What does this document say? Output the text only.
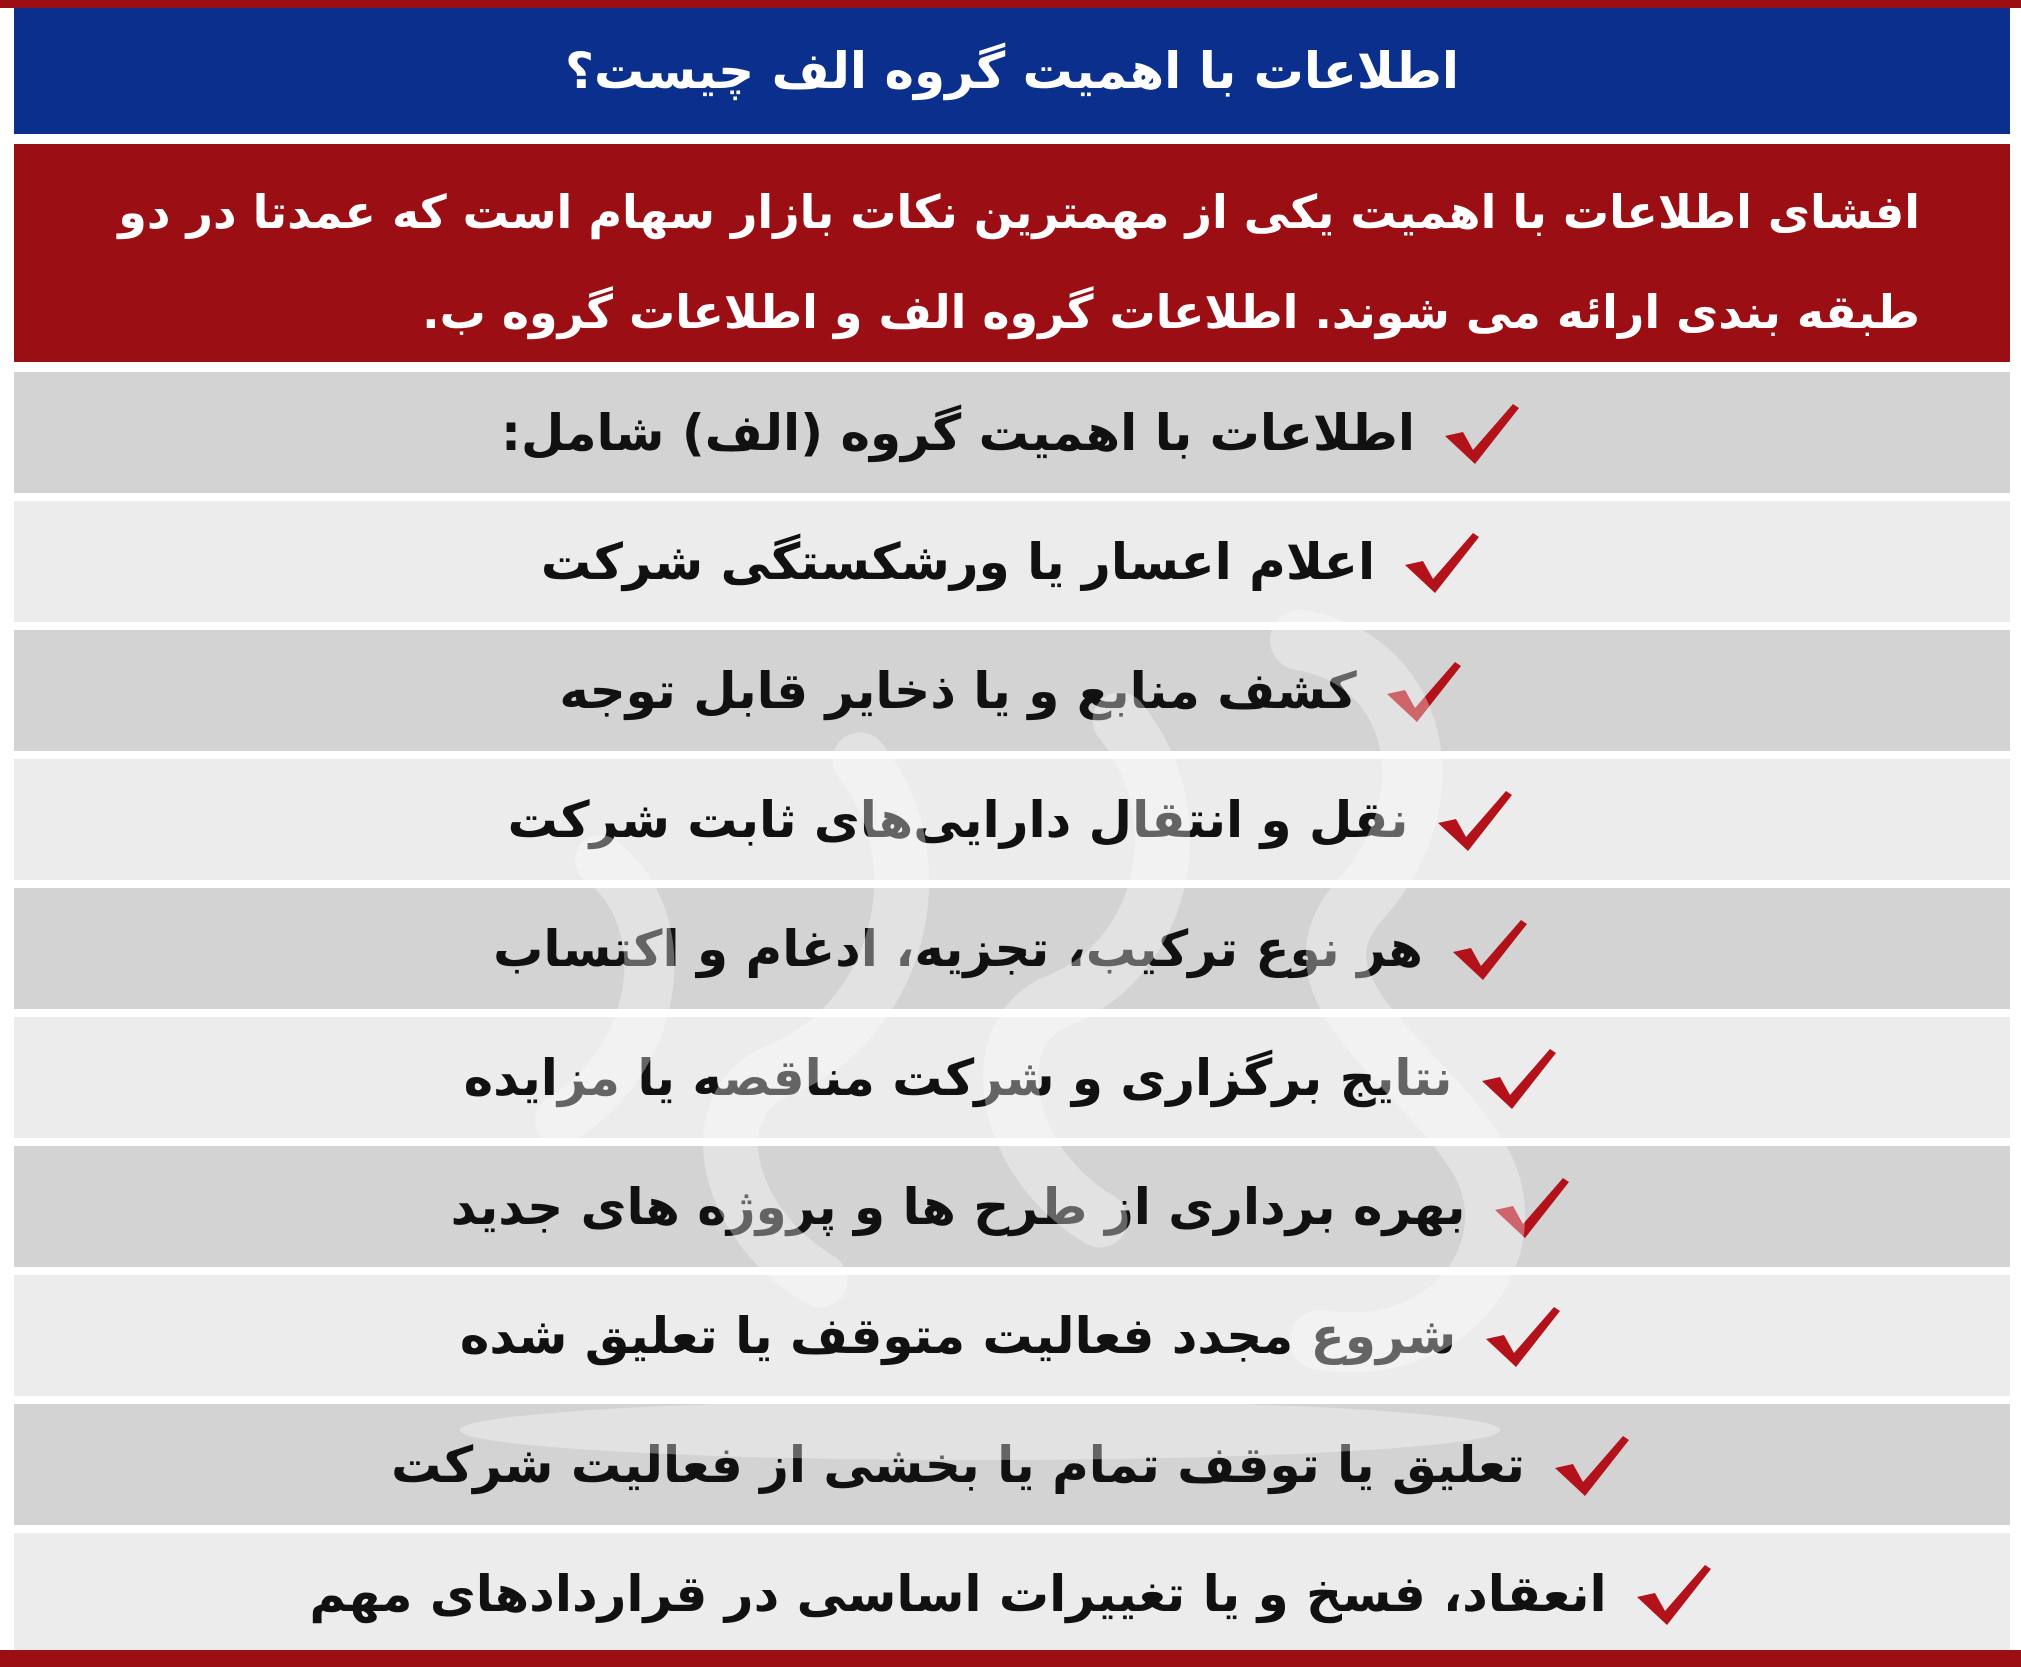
اطلاعات با اهمیت گروه الف چیست؟
افشای اطلاعات با اهمیت یکی از مهمترین نکات بازار سهام است که عمدتا در دو
طبقه بندی ارائه می شوند. اطلاعات گروه الف و اطلاعات گروه ب.
اطلاعات با اهمیت گروه (الف) شامل:
اعلام اعسار یا ورشکستگی شرکت
کشف منابع و یا ذخایر قابل توجه
نقل و انتقال دارایی‌های ثابت شرکت
هر نوع ترکیب، تجزیه، ادغام و اکتساب
نتایج برگزاری و شرکت مناقصه یا مزایده
بهره برداری از طرح ها و پروژه های جدید
شروع مجدد فعالیت متوقف یا تعلیق شده
تعلیق یا توقف تمام یا بخشی از فعالیت شرکت
انعقاد، فسخ و یا تغییرات اساسی در قراردادهای مهم
